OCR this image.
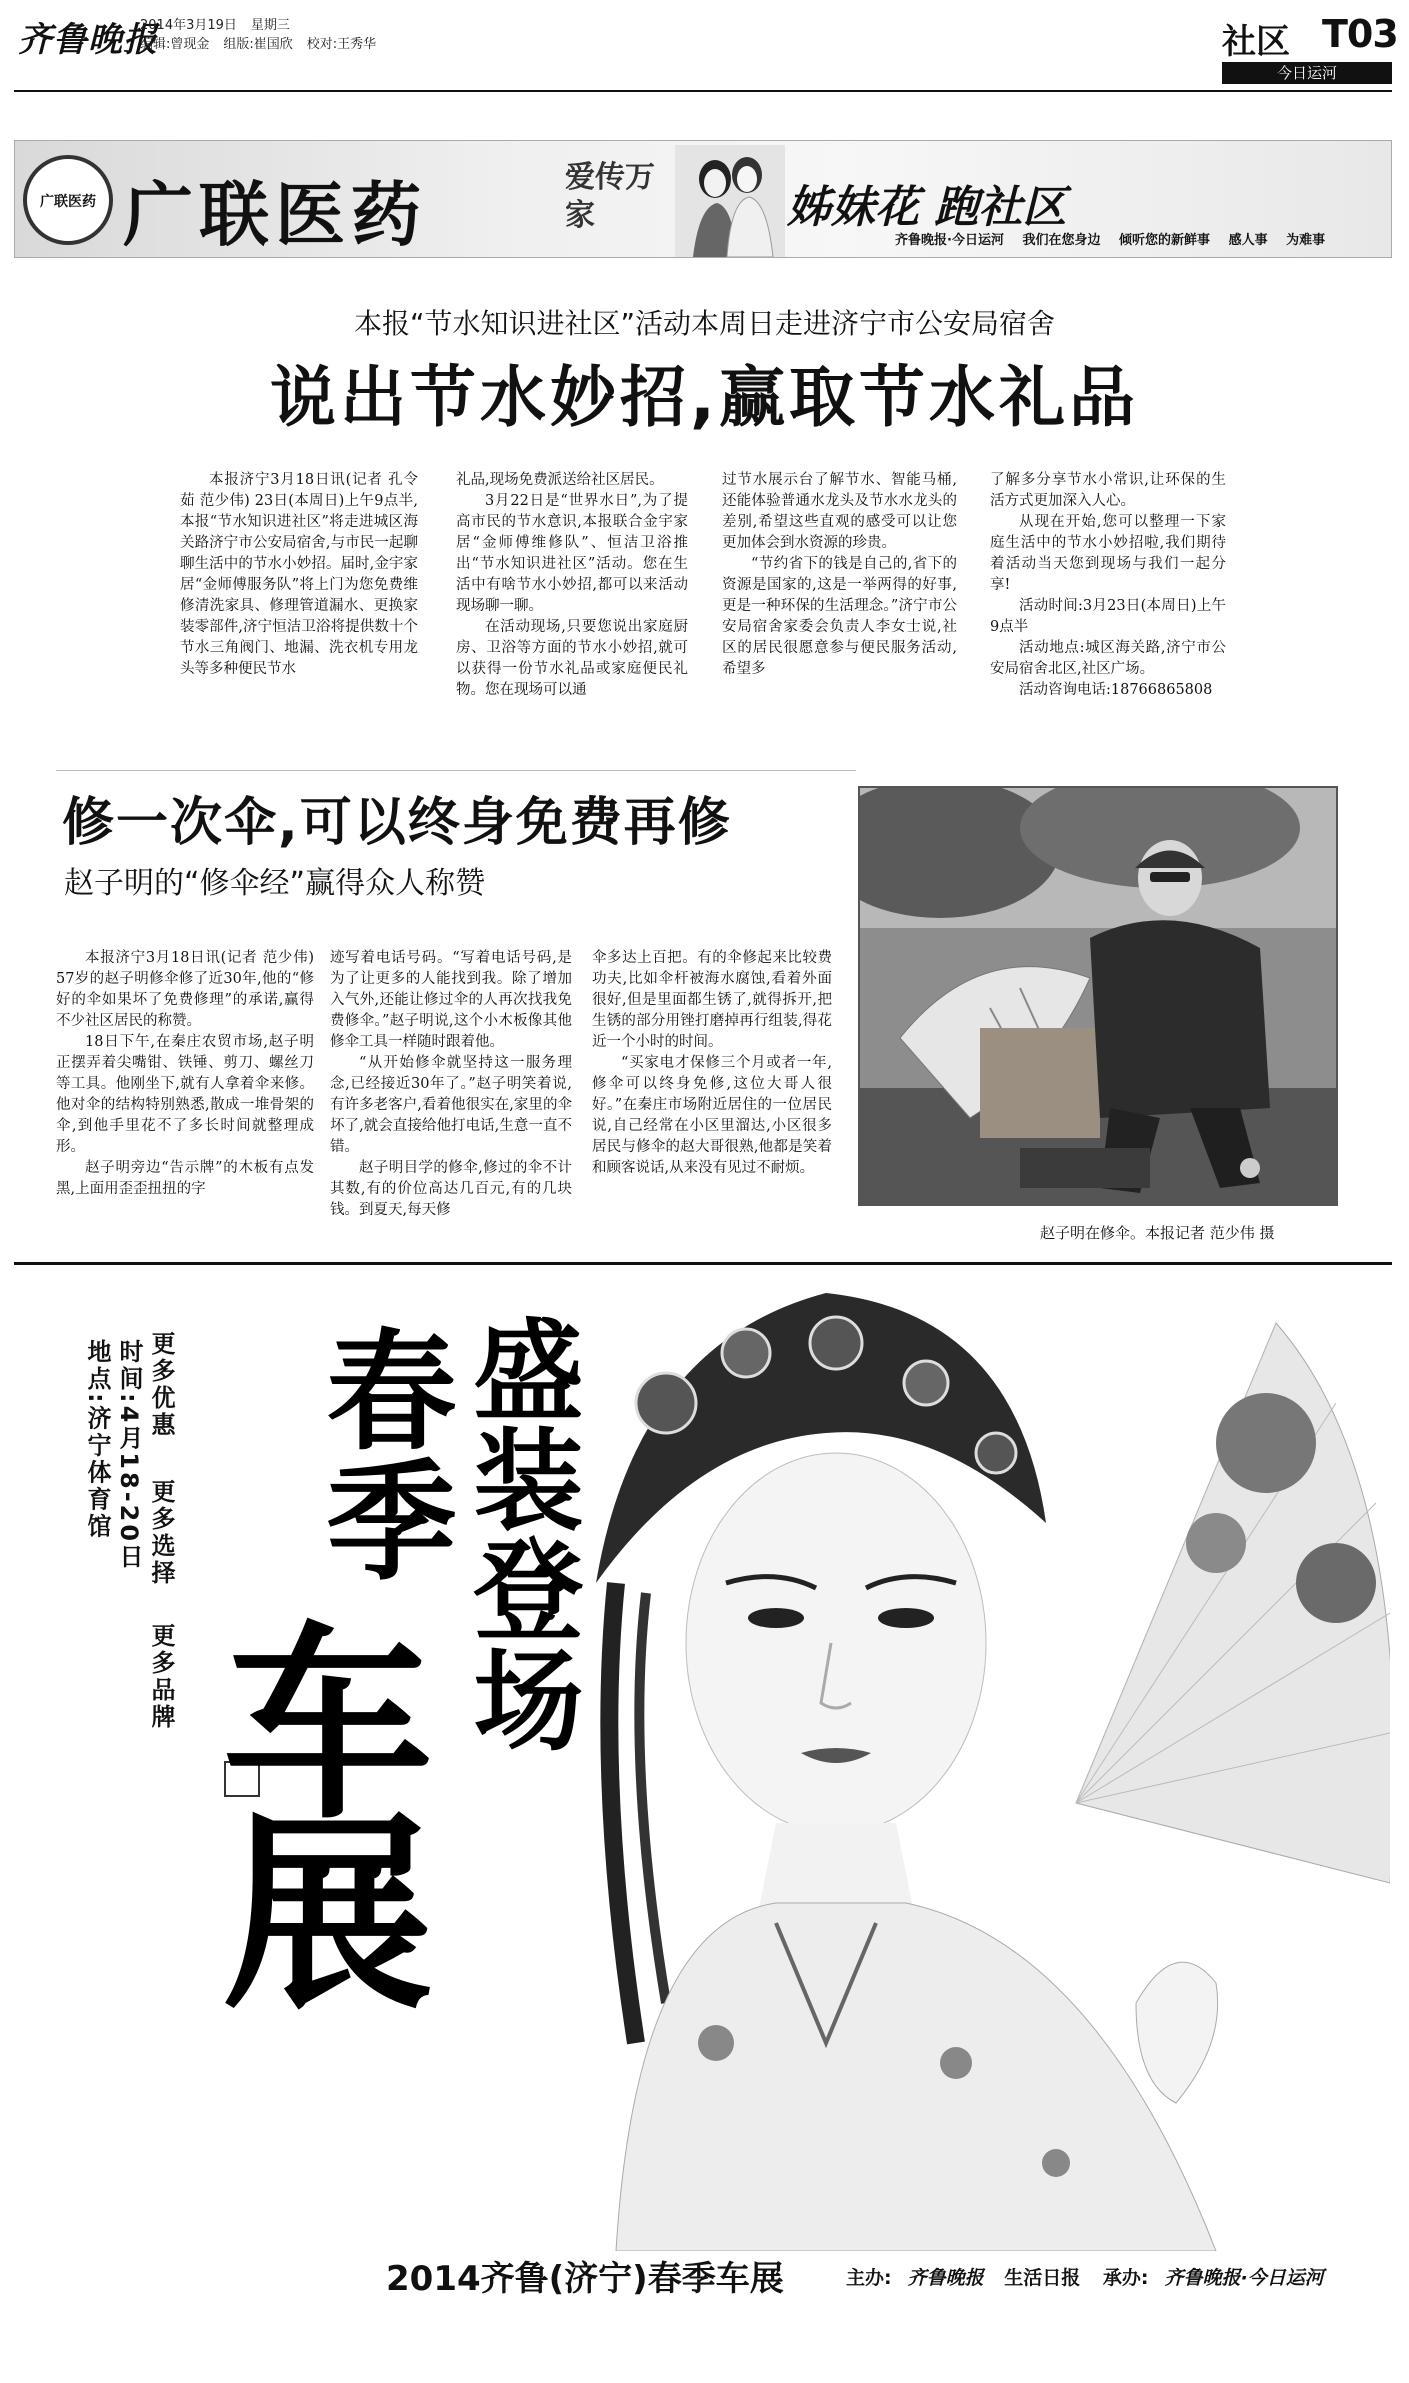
齐鲁晚报
2014年3月19日 星期三
编辑:曾现金 组版:崔国欣 校对:王秀华	社区 T03
今日运河
广联医药 广联医药	爱传万家	姊妹花 跑社区
齐鲁晚报·今日运河 我们在您身边 倾听您的新鲜事 感人事 为难事
本报“节水知识进社区”活动本周日走进济宁市公安局宿舍
说出节水妙招,赢取节水礼品

本报济宁3月18日讯(记者 孔令茹 范少伟) 23日(本周日)上午9点半,本报“节水知识进社区”将走进城区海关路济宁市公安局宿舍,与市民一起聊聊生活中的节水小妙招。届时,金宇家居“金师傅服务队”将上门为您免费维修清洗家具、修理管道漏水、更换家装零部件,济宁恒洁卫浴将提供数十个节水三角阀门、地漏、洗衣机专用龙头等多种便民节水

礼品,现场免费派送给社区居民。

3月22日是“世界水日”,为了提高市民的节水意识,本报联合金宇家居“金师傅维修队”、恒洁卫浴推出“节水知识进社区”活动。您在生活中有啥节水小妙招,都可以来活动现场聊一聊。

在活动现场,只要您说出家庭厨房、卫浴等方面的节水小妙招,就可以获得一份节水礼品或家庭便民礼物。您在现场可以通

过节水展示台了解节水、智能马桶,还能体验普通水龙头及节水水龙头的差别,希望这些直观的感受可以让您更加体会到水资源的珍贵。

“节约省下的钱是自己的,省下的资源是国家的,这是一举两得的好事,更是一种环保的生活理念。”济宁市公安局宿舍家委会负责人李女士说,社区的居民很愿意参与便民服务活动,希望多

了解多分享节水小常识,让环保的生活方式更加深入人心。

从现在开始,您可以整理一下家庭生活中的节水小妙招啦,我们期待着活动当天您到现场与我们一起分享!

活动时间:3月23日(本周日)上午9点半

活动地点:城区海关路,济宁市公安局宿舍北区,社区广场。

活动咨询电话:18766865808

修一次伞,可以终身免费再修
赵子明的“修伞经”赢得众人称赞

本报济宁3月18日讯(记者 范少伟) 57岁的赵子明修伞修了近30年,他的“修好的伞如果坏了免费修理”的承诺,赢得不少社区居民的称赞。

18日下午,在秦庄农贸市场,赵子明正摆弄着尖嘴钳、铁锤、剪刀、螺丝刀等工具。他刚坐下,就有人拿着伞来修。他对伞的结构特别熟悉,散成一堆骨架的伞,到他手里花不了多长时间就整理成形。

赵子明旁边“告示牌”的木板有点发黑,上面用歪歪扭扭的字

迹写着电话号码。“写着电话号码,是为了让更多的人能找到我。除了增加入气外,还能让修过伞的人再次找我免费修伞。”赵子明说,这个小木板像其他修伞工具一样随时跟着他。

“从开始修伞就坚持这一服务理念,已经接近30年了。”赵子明笑着说,有许多老客户,看着他很实在,家里的伞坏了,就会直接给他打电话,生意一直不错。

赵子明目学的修伞,修过的伞不计其数,有的价位高达几百元,有的几块钱。到夏天,每天修

伞多达上百把。有的伞修起来比较费功夫,比如伞杆被海水腐蚀,看着外面很好,但是里面都生锈了,就得拆开,把生锈的部分用锉打磨掉再行组装,得花近一个小时的时间。

“买家电才保修三个月或者一年,修伞可以终身免修,这位大哥人很好。”在秦庄市场附近居住的一位居民说,自己经常在小区里溜达,小区很多居民与修伞的赵大哥很熟,他都是笑着和顾客说话,从来没有见过不耐烦。

赵子明在修伞。本报记者 范少伟 摄
更多优惠
更多选择
更多品牌
时间:4月18-20日
地点:济宁体育馆 春季
车展
盛装登场
2014齐鲁(济宁)春季车展	主办: 齐鲁晚报 生活日报 承办: 齐鲁晚报·今日运河
